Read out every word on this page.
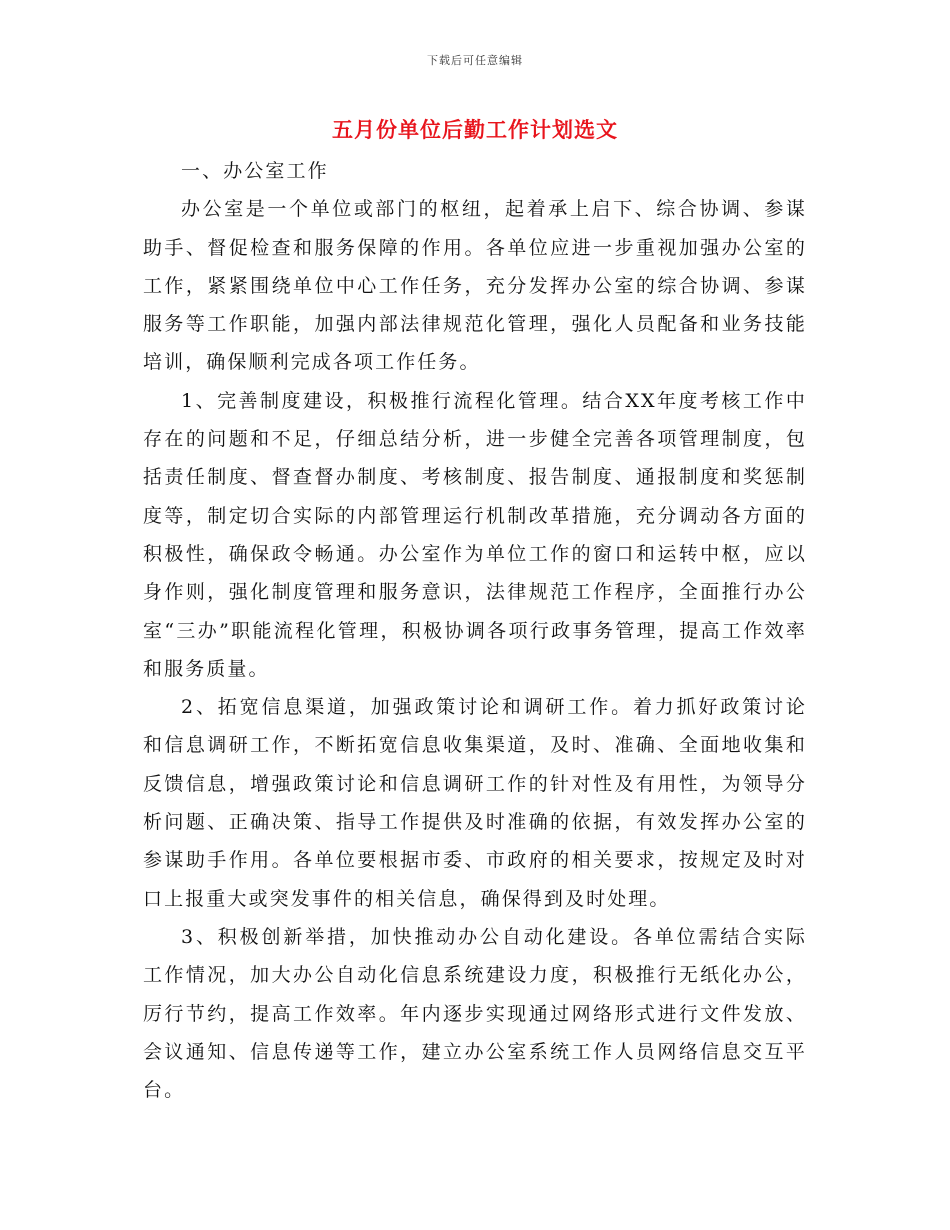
下载后可任意编辑
五月份单位后勤工作计划选文

一、办公室工作

办公室是一个单位或部门的枢纽，起着承上启下、综合协调、参谋助手、督促检查和服务保障的作用。各单位应进一步重视加强办公室的工作，紧紧围绕单位中心工作任务，充分发挥办公室的综合协调、参谋服务等工作职能，加强内部法律规范化管理，强化人员配备和业务技能培训，确保顺利完成各项工作任务。

1、完善制度建设，积极推行流程化管理。结合XX年度考核工作中存在的问题和不足，仔细总结分析，进一步健全完善各项管理制度，包括责任制度、督查督办制度、考核制度、报告制度、通报制度和奖惩制度等，制定切合实际的内部管理运行机制改革措施，充分调动各方面的积极性，确保政令畅通。办公室作为单位工作的窗口和运转中枢，应以身作则，强化制度管理和服务意识，法律规范工作程序，全面推行办公室“三办”职能流程化管理，积极协调各项行政事务管理，提高工作效率和服务质量。

2、拓宽信息渠道，加强政策讨论和调研工作。着力抓好政策讨论和信息调研工作，不断拓宽信息收集渠道，及时、准确、全面地收集和反馈信息，增强政策讨论和信息调研工作的针对性及有用性，为领导分析问题、正确决策、指导工作提供及时准确的依据，有效发挥办公室的参谋助手作用。各单位要根据市委、市政府的相关要求，按规定及时对口上报重大或突发事件的相关信息，确保得到及时处理。

3、积极创新举措，加快推动办公自动化建设。各单位需结合实际工作情况，加大办公自动化信息系统建设力度，积极推行无纸化办公，厉行节约，提高工作效率。年内逐步实现通过网络形式进行文件发放、会议通知、信息传递等工作，建立办公室系统工作人员网络信息交互平台。
